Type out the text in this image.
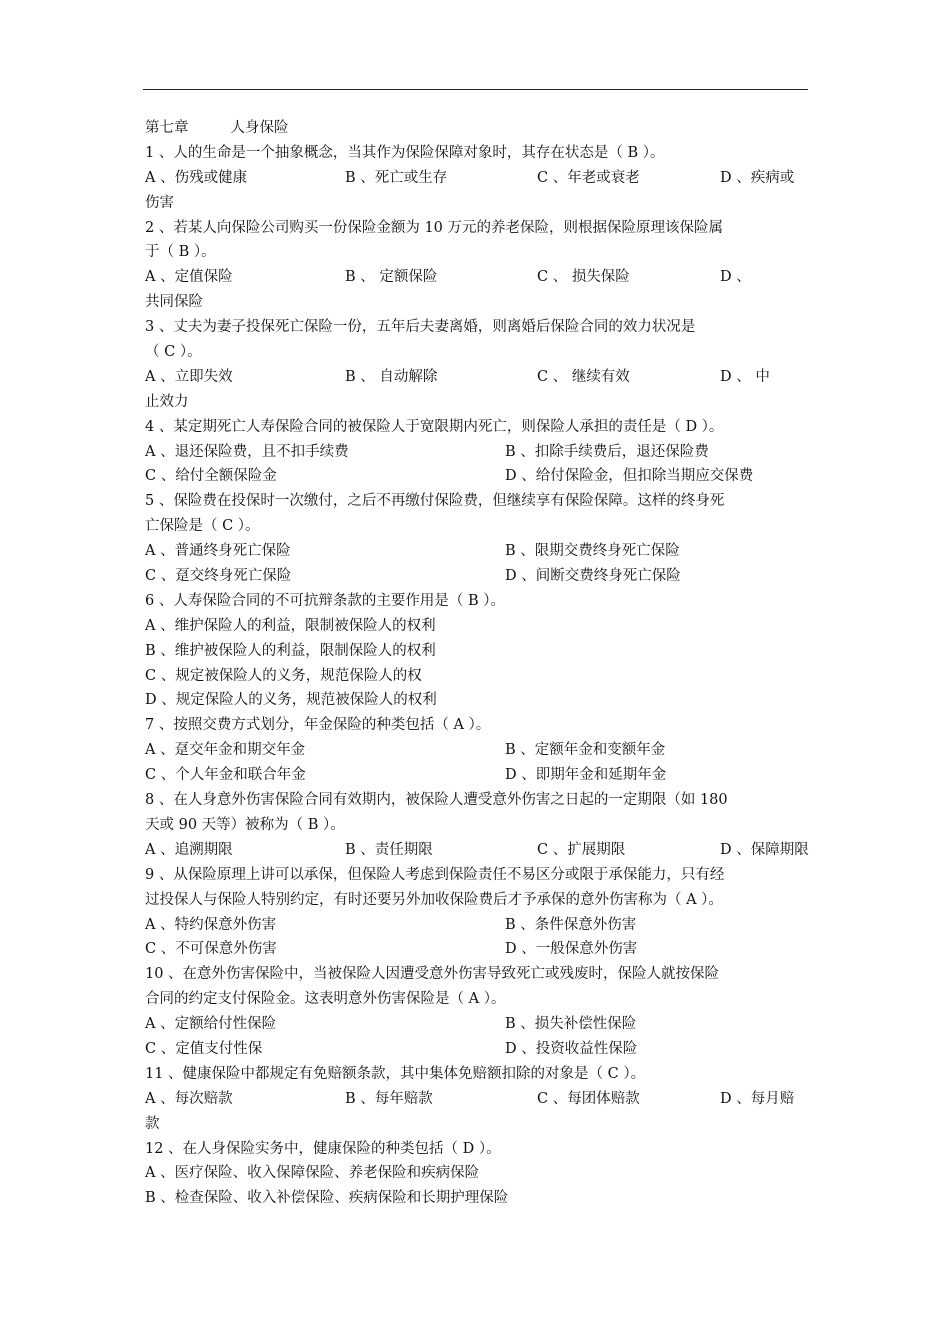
第七章	人身保险
1 、人的生命是一个抽象概念，当其作为保险保障对象时，其存在状态是（ B ）。
A 、伤残或健康	B 、死亡或生存	C 、年老或衰老	D 、疾病或
伤害
2 、若某人向保险公司购买一份保险金额为 10 万元的养老保险，则根据保险原理该保险属
于（ B ）。
A 、定值保险	B 、 定额保险	C 、 损失保险	D 、
共同保险
3 、丈夫为妻子投保死亡保险一份，五年后夫妻离婚，则离婚后保险合同的效力状况是
（ C ）。
A 、立即失效	B 、 自动解除	C 、 继续有效	D 、 中
止效力
4 、某定期死亡人寿保险合同的被保险人于宽限期内死亡，则保险人承担的责任是（ D ）。
A 、退还保险费，且不扣手续费	B 、扣除手续费后，退还保险费
C 、给付全额保险金	D 、给付保险金，但扣除当期应交保费
5 、保险费在投保时一次缴付，之后不再缴付保险费，但继续享有保险保障。这样的终身死
亡保险是（ C ）。
A 、普通终身死亡保险	B 、限期交费终身死亡保险
C 、趸交终身死亡保险	D 、间断交费终身死亡保险
6 、人寿保险合同的不可抗辩条款的主要作用是（ B ）。
A 、维护保险人的利益，限制被保险人的权利
B 、维护被保险人的利益，限制保险人的权利
C 、规定被保险人的义务，规范保险人的权
D 、规定保险人的义务，规范被保险人的权利
7 、按照交费方式划分，年金保险的种类包括（ A ）。
A 、趸交年金和期交年金	B 、定额年金和变额年金
C 、个人年金和联合年金	D 、即期年金和延期年金
8 、在人身意外伤害保险合同有效期内，被保险人遭受意外伤害之日起的一定期限（如 180
天或 90 天等）被称为（ B ）。
A 、追溯期限	B 、责任期限	C 、扩展期限	D 、保障期限
9 、从保险原理上讲可以承保，但保险人考虑到保险责任不易区分或限于承保能力，只有经
过投保人与保险人特别约定，有时还要另外加收保险费后才予承保的意外伤害称为（ A ）。
A 、特约保意外伤害	B 、条件保意外伤害
C 、不可保意外伤害	D 、一般保意外伤害
10 、在意外伤害保险中，当被保险人因遭受意外伤害导致死亡或残废时，保险人就按保险
合同的约定支付保险金。这表明意外伤害保险是（ A ）。
A 、定额给付性保险	B 、损失补偿性保险
C 、定值支付性保	D 、投资收益性保险
11 、健康保险中都规定有免赔额条款，其中集体免赔额扣除的对象是（ C ）。
A 、每次赔款	B 、每年赔款	C 、每团体赔款	D 、每月赔
款
12 、在人身保险实务中，健康保险的种类包括（ D ）。
A 、医疗保险、收入保障保险、养老保险和疾病保险
B 、检查保险、收入补偿保险、疾病保险和长期护理保险
